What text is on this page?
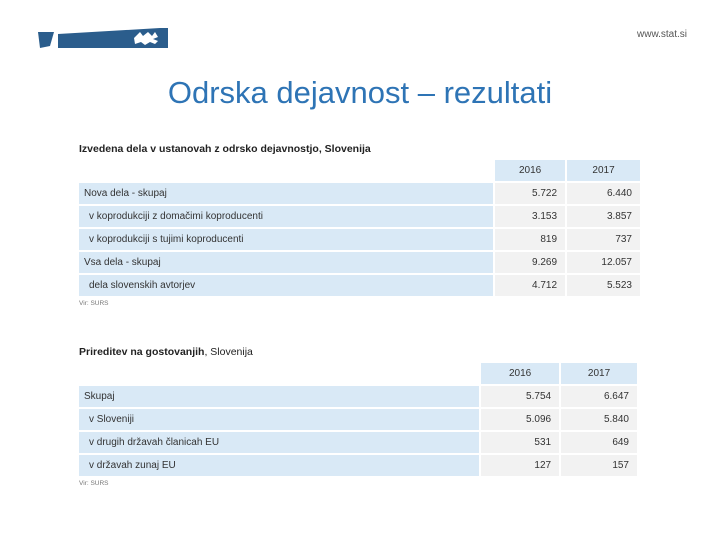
www.stat.si
Odrska dejavnost – rezultati
Izvedena dela v ustanovah z odrsko dejavnostjo, Slovenija
	2016	2017
Nova dela - skupaj	5.722	6.440
v koprodukciji z domačimi koproducenti	3.153	3.857
v koprodukciji s tujimi koproducenti	819	737
Vsa dela - skupaj	9.269	12.057
dela slovenskih avtorjev	4.712	5.523
Vir: SURS
Prireditev na gostovanjih, Slovenija
	2016	2017
Skupaj	5.754	6.647
v Sloveniji	5.096	5.840
v drugih državah članicah EU	531	649
v državah zunaj EU	127	157
Vir: SURS
